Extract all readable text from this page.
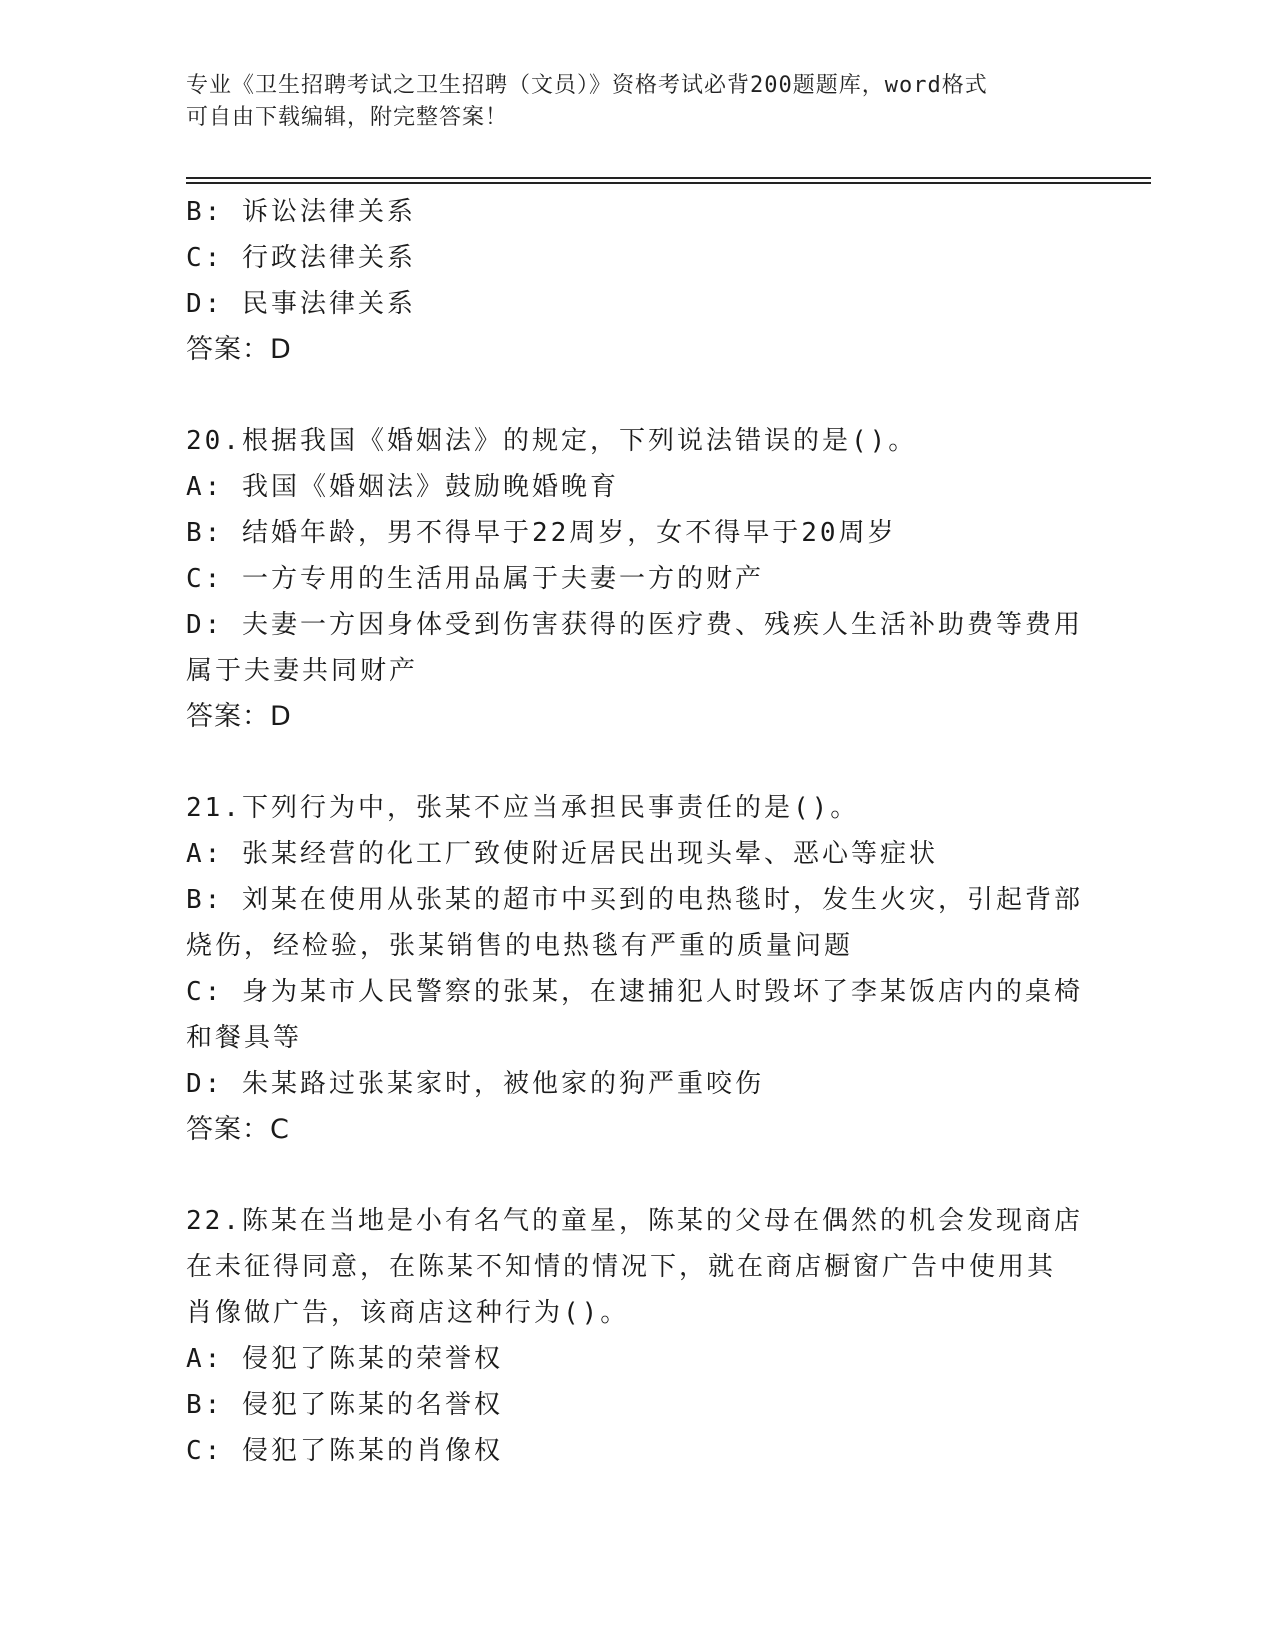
专业《卫生招聘考试之卫生招聘（文员）》资格考试必背200题题库，word格式
可自由下载编辑，附完整答案！
B: 诉讼法律关系
C: 行政法律关系
D: 民事法律关系
答案：D
20.根据我国《婚姻法》的规定，下列说法错误的是()。
A: 我国《婚姻法》鼓励晚婚晚育
B: 结婚年龄，男不得早于22周岁，女不得早于20周岁
C: 一方专用的生活用品属于夫妻一方的财产
D: 夫妻一方因身体受到伤害获得的医疗费、残疾人生活补助费等费用
属于夫妻共同财产
答案：D
21.下列行为中，张某不应当承担民事责任的是()。
A: 张某经营的化工厂致使附近居民出现头晕、恶心等症状
B: 刘某在使用从张某的超市中买到的电热毯时，发生火灾，引起背部
烧伤，经检验，张某销售的电热毯有严重的质量问题
C: 身为某市人民警察的张某，在逮捕犯人时毁坏了李某饭店内的桌椅
和餐具等
D: 朱某路过张某家时，被他家的狗严重咬伤
答案：C
22.陈某在当地是小有名气的童星，陈某的父母在偶然的机会发现商店
在未征得同意，在陈某不知情的情况下，就在商店橱窗广告中使用其
肖像做广告，该商店这种行为()。
A: 侵犯了陈某的荣誉权
B: 侵犯了陈某的名誉权
C: 侵犯了陈某的肖像权
